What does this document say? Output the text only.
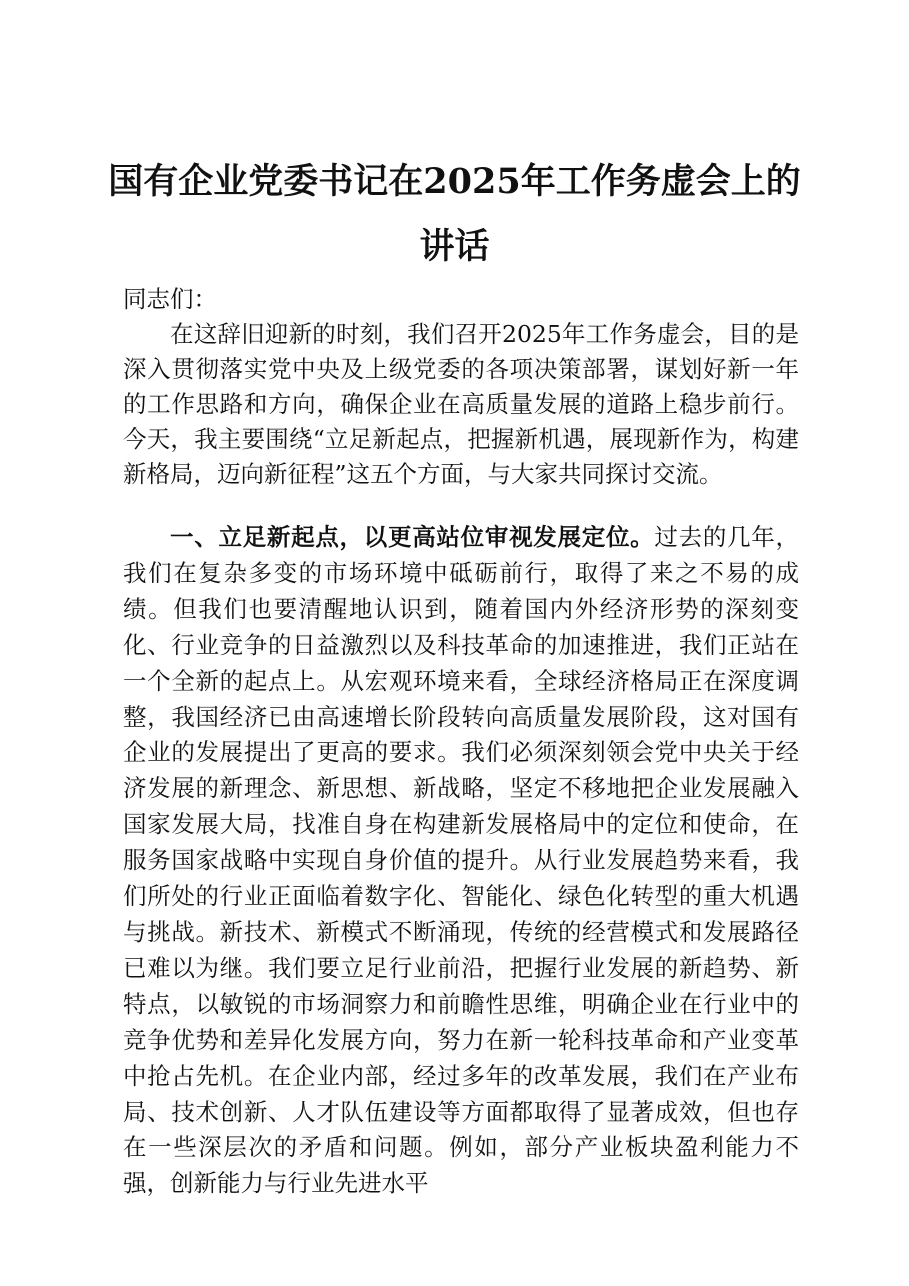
国有企业党委书记在2025年工作务虚会上的
讲话

同志们：

在这辞旧迎新的时刻，我们召开2025年工作务虚会，目的是深入贯彻落实党中央及上级党委的各项决策部署，谋划好新一年的工作思路和方向，确保企业在高质量发展的道路上稳步前行。今天，我主要围绕“立足新起点，把握新机遇，展现新作为，构建新格局，迈向新征程”这五个方面，与大家共同探讨交流。

一、立足新起点，以更高站位审视发展定位。过去的几年，我们在复杂多变的市场环境中砥砺前行，取得了来之不易的成绩。但我们也要清醒地认识到，随着国内外经济形势的深刻变化、行业竞争的日益激烈以及科技革命的加速推进，我们正站在一个全新的起点上。从宏观环境来看，全球经济格局正在深度调整，我国经济已由高速增长阶段转向高质量发展阶段，这对国有企业的发展提出了更高的要求。我们必须深刻领会党中央关于经济发展的新理念、新思想、新战略，坚定不移地把企业发展融入国家发展大局，找准自身在构建新发展格局中的定位和使命，在服务国家战略中实现自身价值的提升。从行业发展趋势来看，我们所处的行业正面临着数字化、智能化、绿色化转型的重大机遇与挑战。新技术、新模式不断涌现，传统的经营模式和发展路径已难以为继。我们要立足行业前沿，把握行业发展的新趋势、新特点，以敏锐的市场洞察力和前瞻性思维，明确企业在行业中的竞争优势和差异化发展方向，努力在新一轮科技革命和产业变革中抢占先机。在企业内部，经过多年的改革发展，我们在产业布局、技术创新、人才队伍建设等方面都取得了显著成效，但也存在一些深层次的矛盾和问题。例如，部分产业板块盈利能力不强，创新能力与行业先进水平
